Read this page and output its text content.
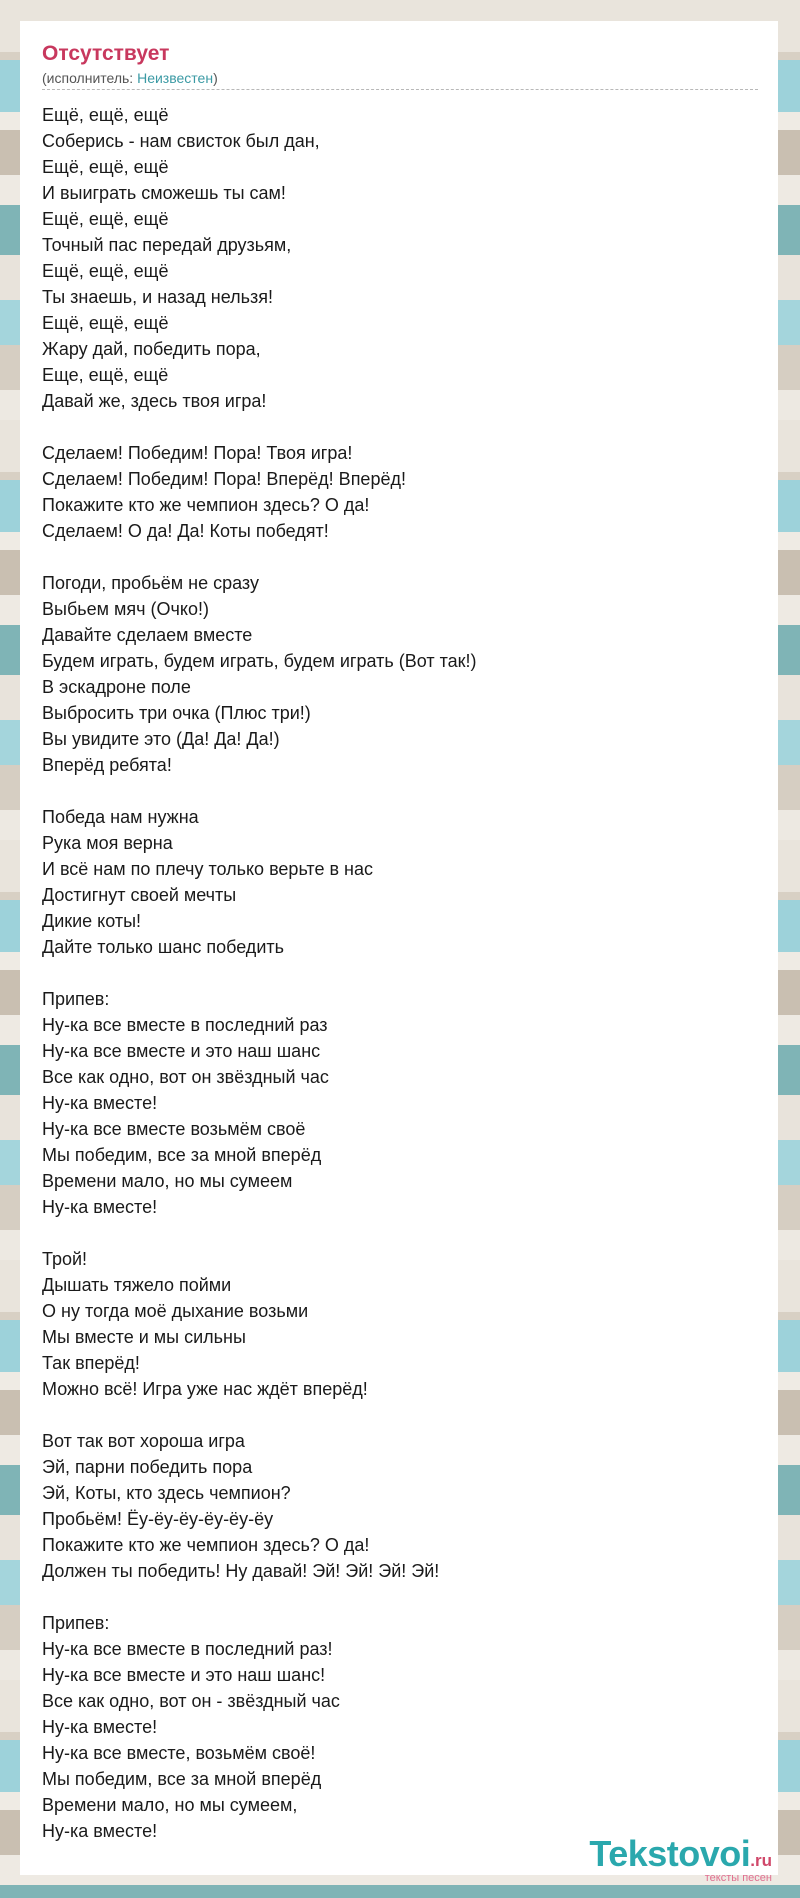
Отсутствует
(исполнитель: Неизвестен)
Ещё, ещё, ещё
Соберись - нам свисток был дан,
Ещё, ещё, ещё
И выиграть сможешь ты сам!
Ещё, ещё, ещё
Точный пас передай друзьям,
Ещё, ещё, ещё
Ты знаешь, и назад нельзя!
Ещё, ещё, ещё
Жару дай, победить пора,
Еще, ещё, ещё
Давай же, здесь твоя игра!
Сделаем! Победим! Пора! Твоя игра!
Сделаем! Победим! Пора! Вперёд! Вперёд!
Покажите кто же чемпион здесь? О да!
Сделаем! О да! Да! Коты победят!
Погоди, пробьём не сразу
Выбьем мяч (Очко!)
Давайте сделаем вместе
Будем играть, будем играть, будем играть (Вот так!)
В эскадроне поле
Выбросить три очка (Плюс три!)
Вы увидите это (Да! Да! Да!)
Вперёд ребята!
Победа нам нужна
Рука моя верна
И всё нам по плечу только верьте в нас
Достигнут своей мечты
Дикие коты!
Дайте только шанс победить
Припев:
Ну-ка все вместе в последний раз
Ну-ка все вместе и это наш шанс
Все как одно, вот он звёздный час
Ну-ка вместе!
Ну-ка все вместе возьмём своё
Мы победим, все за мной вперёд
Времени мало, но мы сумеем
Ну-ка вместе!
Трой!
Дышать тяжело пойми
О ну тогда моё дыхание возьми
Мы вместе и мы сильны
Так вперёд!
Можно всё! Игра уже нас ждёт вперёд!
Вот так вот хороша игра
Эй, парни победить пора
Эй, Коты, кто здесь чемпион?
Пробьём! Ёу-ёу-ёу-ёу-ёу-ёу
Покажите кто же чемпион здесь? О да!
Должен ты победить! Ну давай! Эй! Эй! Эй! Эй!
Припев:
Ну-ка все вместе в последний раз!
Ну-ка все вместе и это наш шанс!
Все как одно, вот он - звёздный час
Ну-ка вместе!
Ну-ка все вместе, возьмём своё!
Мы победим, все за мной вперёд
Времени мало, но мы сумеем,
Ну-ка вместе!
Tekstovoi.ru
тексты песен
